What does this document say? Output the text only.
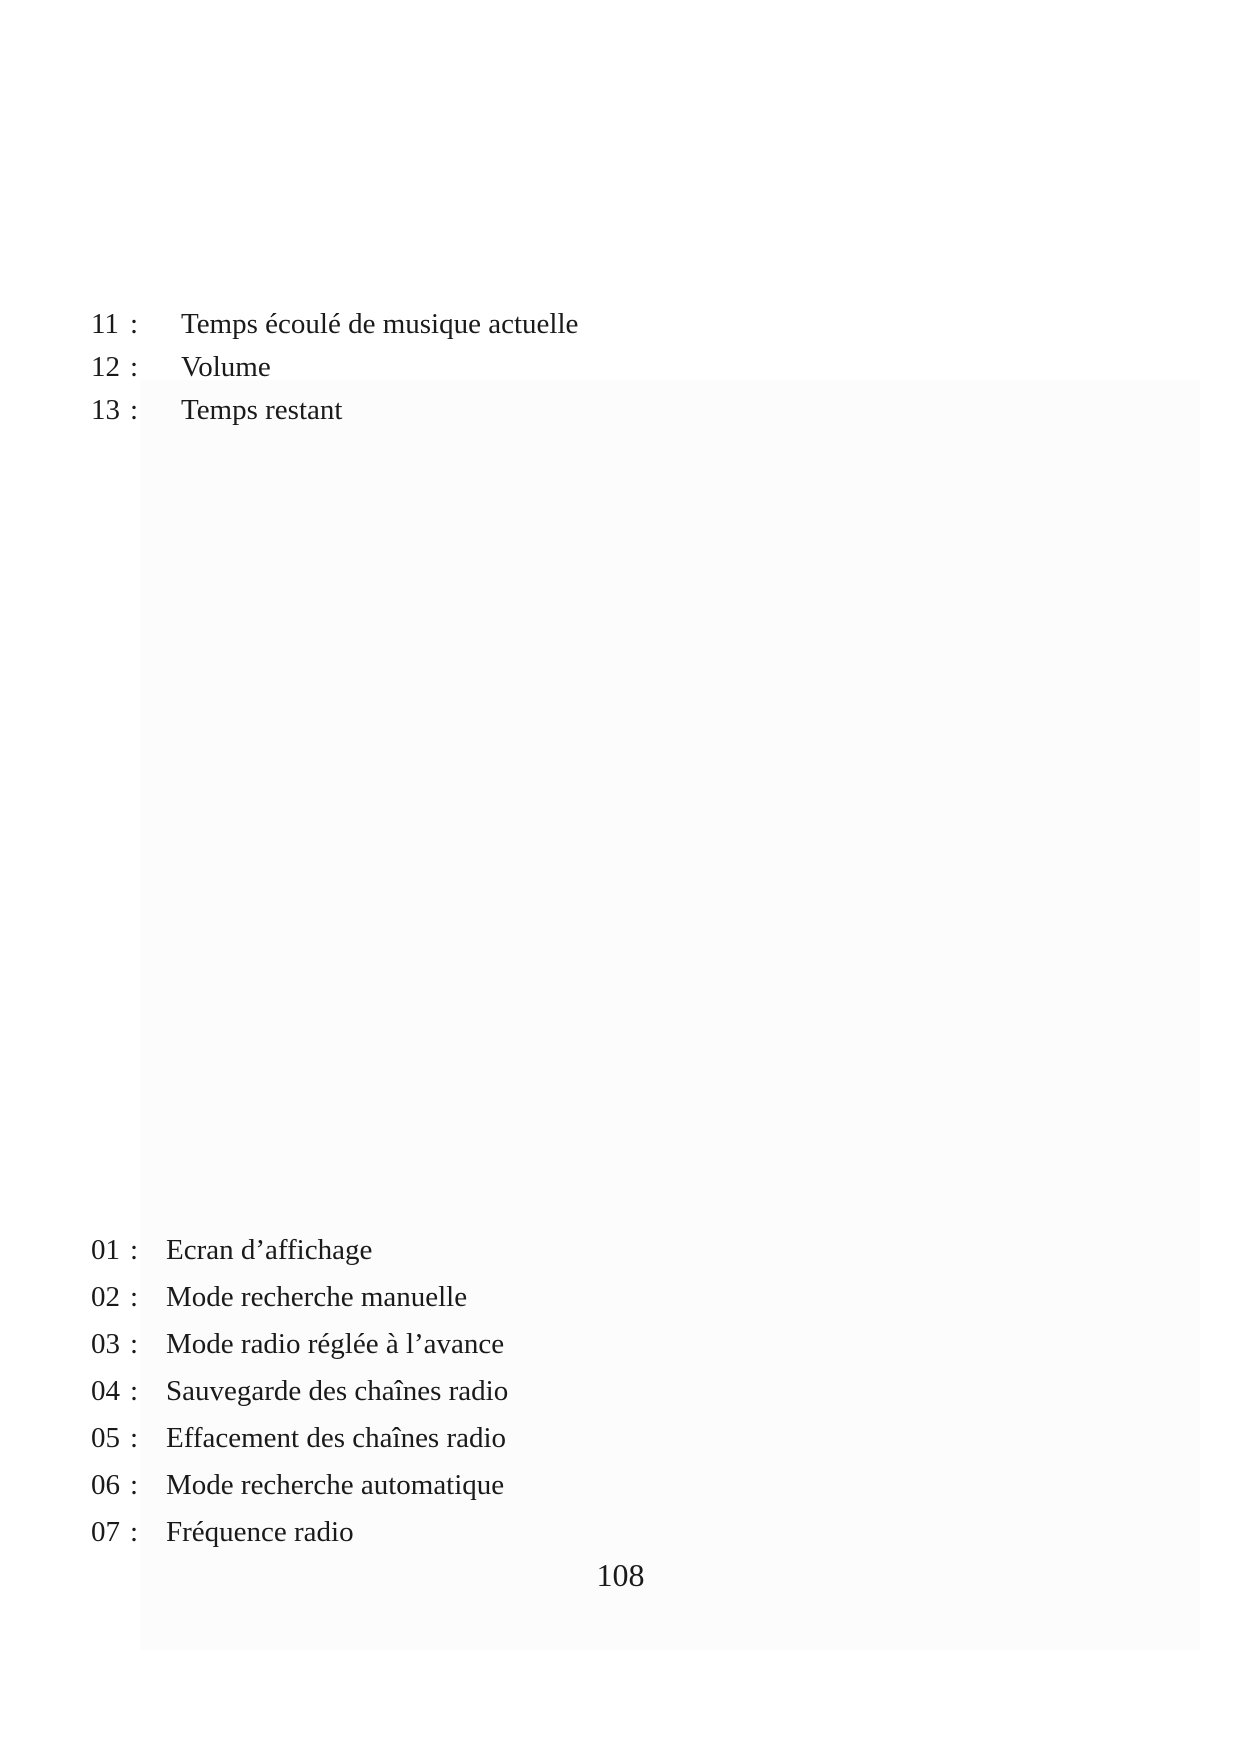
11 : Temps écoulé de musique actuelle
12 : Volume
13 : Temps restant
01 : Ecran d’affichage
02 : Mode recherche manuelle
03 : Mode radio réglée à l’avance
04 : Sauvegarde des chaînes radio
05 : Effacement des chaînes radio
06 : Mode recherche automatique
07 : Fréquence radio
108
